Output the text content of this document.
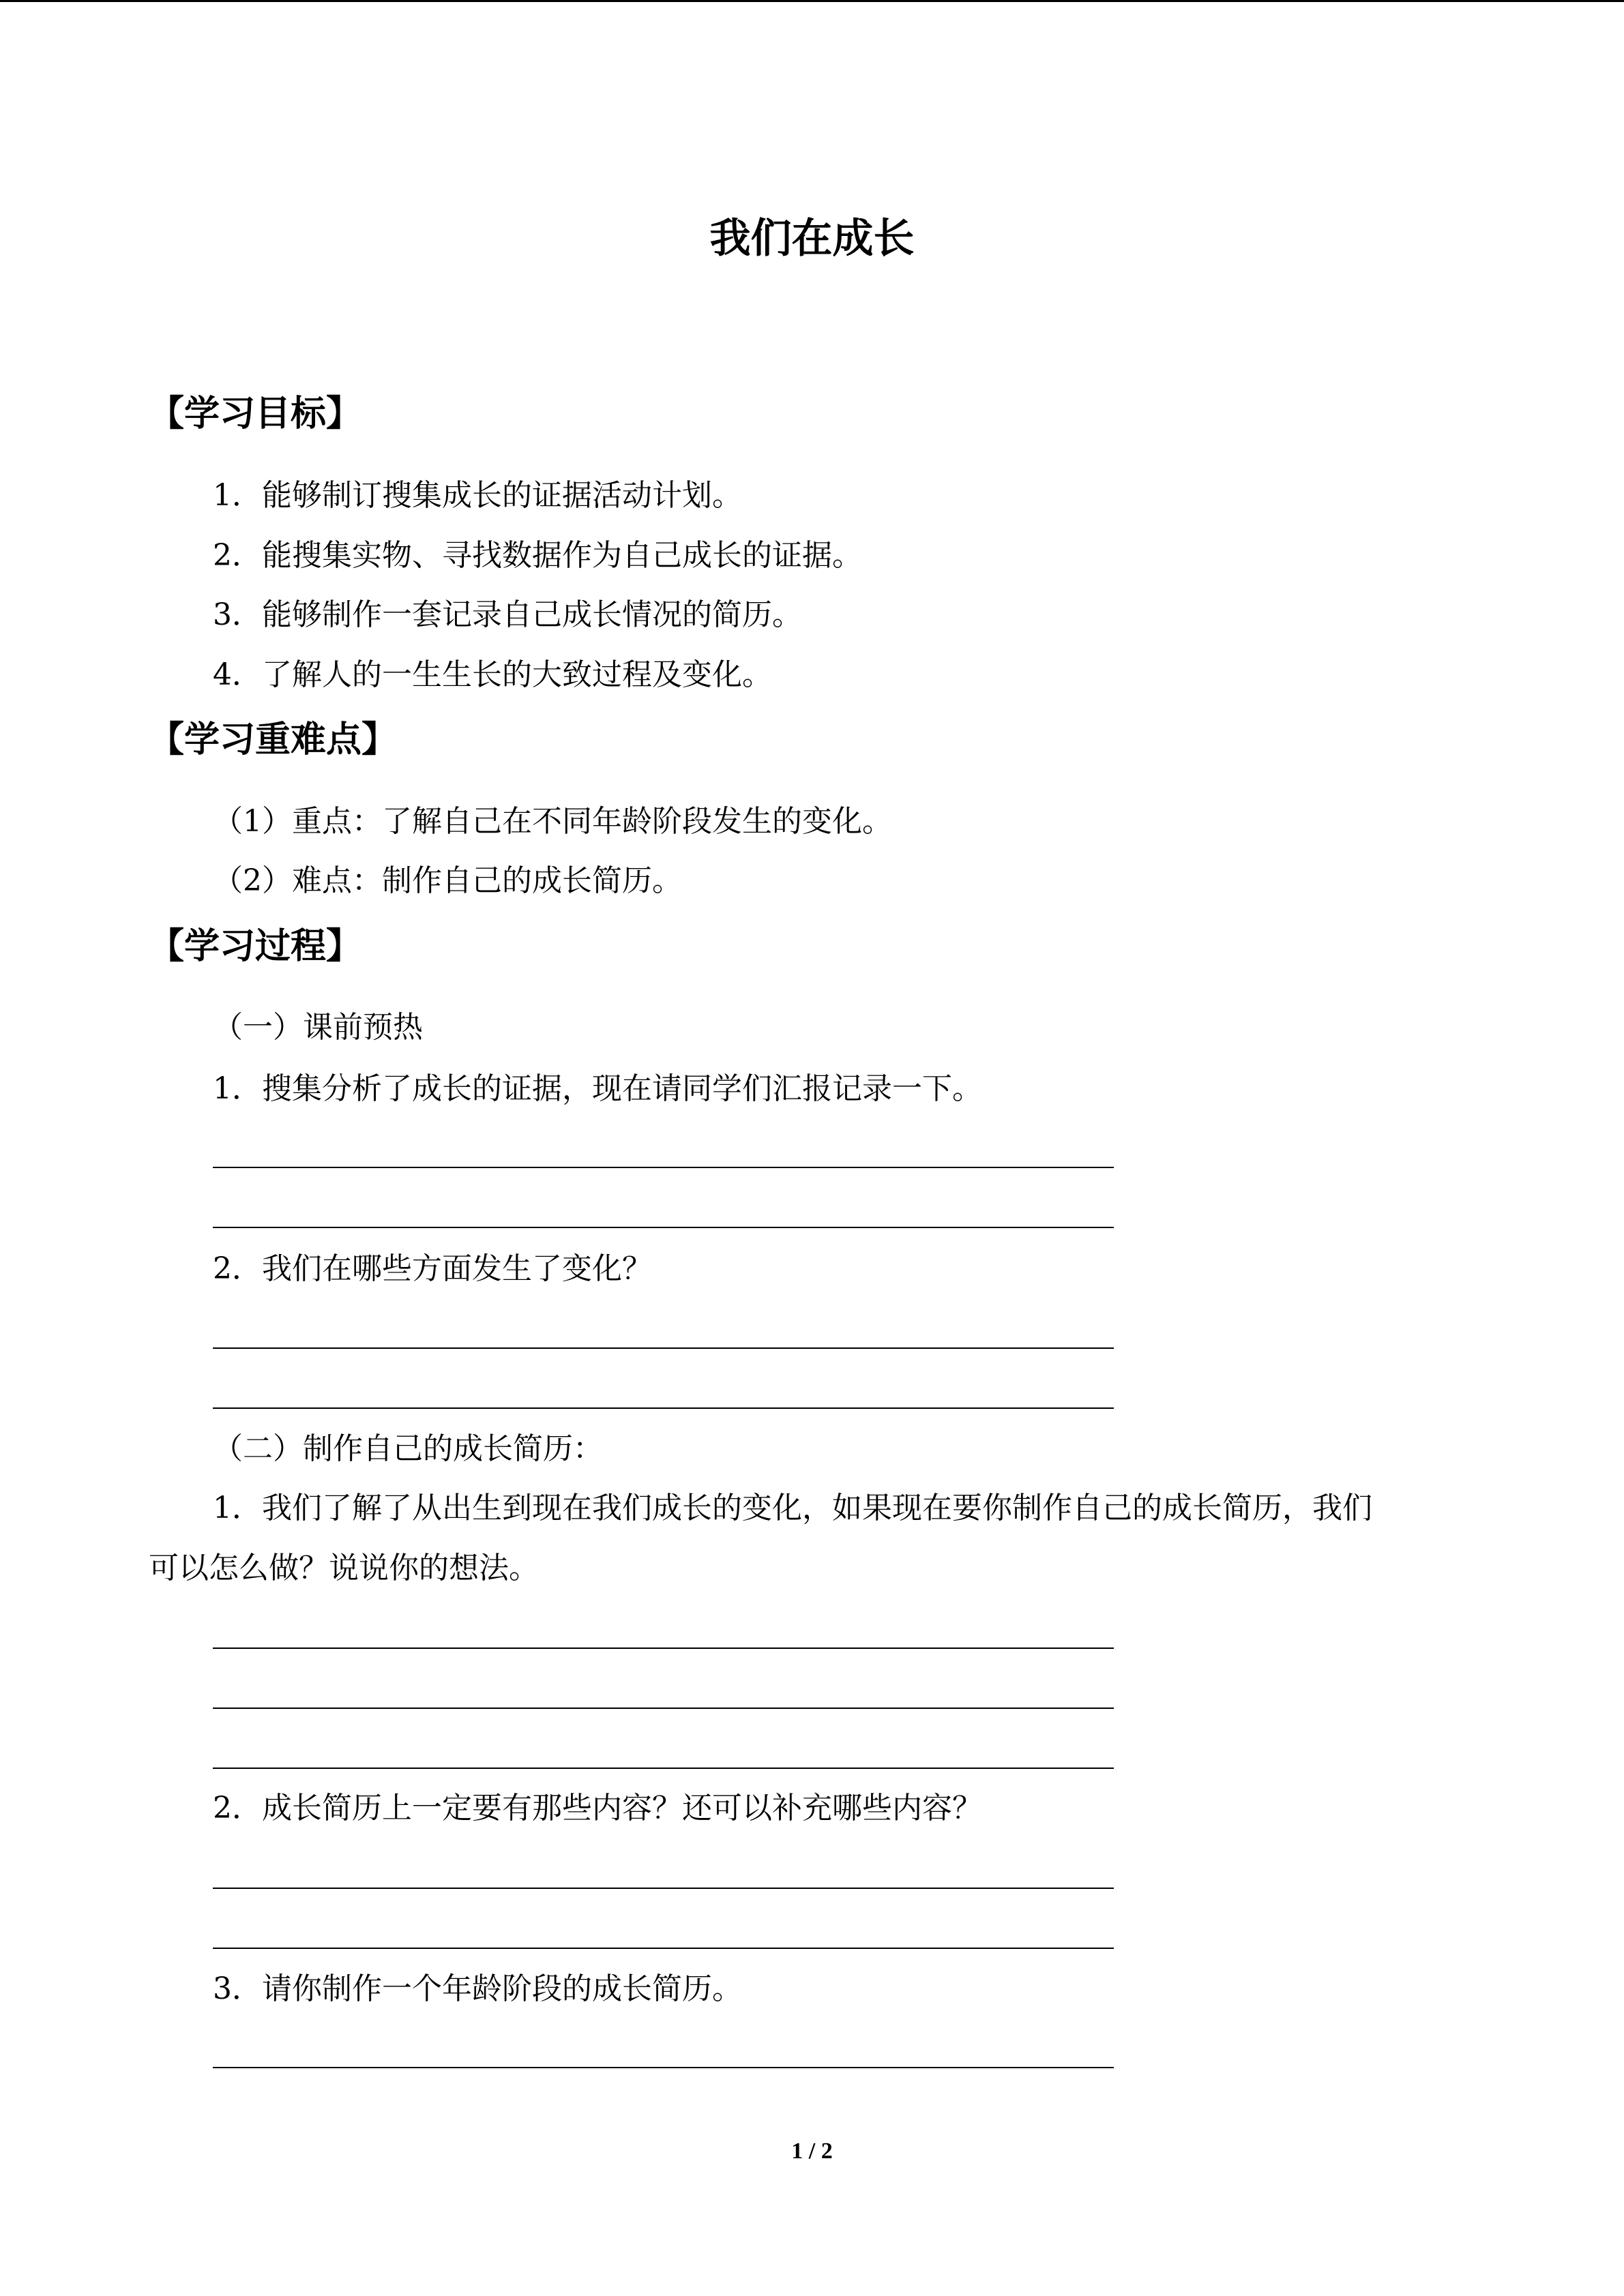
我们在成长
【学习目标】
1．能够制订搜集成长的证据活动计划。
2．能搜集实物、寻找数据作为自己成长的证据。
3．能够制作一套记录自己成长情况的简历。
4．了解人的一生生长的大致过程及变化。
【学习重难点】
（1）重点：了解自己在不同年龄阶段发生的变化。
（2）难点：制作自己的成长简历。
【学习过程】
（一）课前预热
1．搜集分析了成长的证据，现在请同学们汇报记录一下。
2．我们在哪些方面发生了变化？
（二）制作自己的成长简历：
1．我们了解了从出生到现在我们成长的变化，如果现在要你制作自己的成长简历，我们
可以怎么做？说说你的想法。
2．成长简历上一定要有那些内容？还可以补充哪些内容？
3．请你制作一个年龄阶段的成长简历。
1 / 2
